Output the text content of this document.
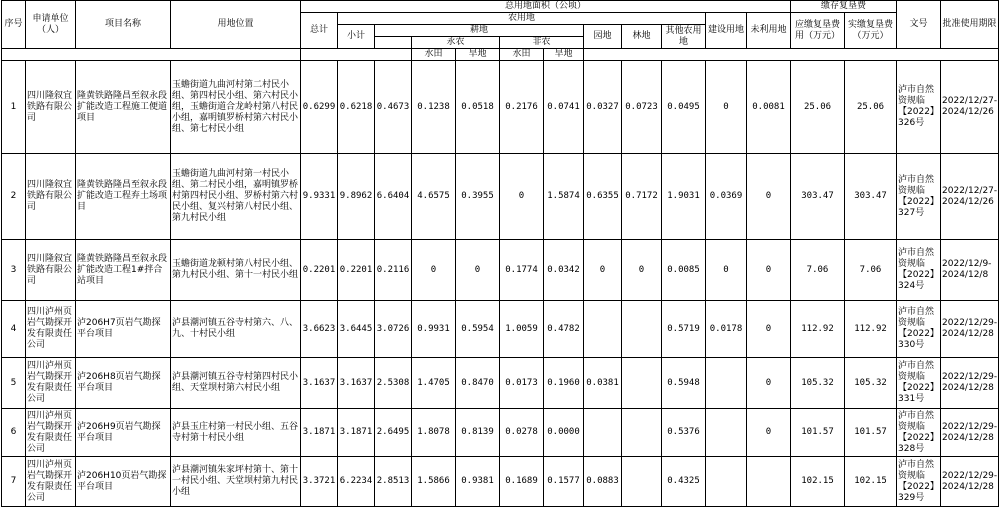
序号	申请单位（人）	项目名称	用地位置	总用地面积（公顷）												缴存复垦费		文号	批准使用期限
				总计	农用地									建设用地	未利用地	应缴复垦费用（万元）	实缴复垦费（万元）		
					小计	耕地					园地	林地	其他农用地						
							永农		非农										
							水田	旱地	水田	旱地									
1	四川隆叙宜铁路有限公司	隆黄铁路隆昌至叙永段扩能改造工程施工便道项目	玉蟾街道九曲河村第二村民小组、第四村民小组、第六村民小组，玉蟾街道合龙岭村第八村民小组，嘉明镇罗桥村第六村民小组、第七村民小组	0.6299	0.6218	0.4673	0.1238	0.0518	0.2176	0.0741	0.0327	0.0723	0.0495	0	0.0081	25.06	25.06	泸市自然资规临【2022】326号	2022/12/27-2024/12/26
2	四川隆叙宜铁路有限公司	隆黄铁路隆昌至叙永段扩能改造工程弃土场项目	玉蟾街道九曲河村第一村民小组、第二村民小组，嘉明镇罗桥村第四村民小组、罗桥村第六村民小组、复兴村第八村民小组、第九村民小组	9.9331	9.8962	6.6404	4.6575	0.3955	0	1.5874	0.6355	0.7172	1.9031	0.0369	0	303.47	303.47	泸市自然资规临【2022】327号	2022/12/27-2024/12/26
3	四川隆叙宜铁路有限公司	隆黄铁路隆昌至叙永段扩能改造工程1#拌合站项目	玉蟾街道龙顿村第八村民小组、第九村民小组、第十一村民小组	0.2201	0.2201	0.2116	0	0	0.1774	0.0342	0	0	0.0085	0	0	7.06	7.06	泸市自然资规临【2022】324号	2022/12/9-2024/12/8
4	四川泸州页岩气勘探开发有限责任公司	泸206H7页岩气勘探平台项目	泸县潮河镇五谷寺村第六、八、九、十村民小组	3.6623	3.6445	3.0726	0.9931	0.5954	1.0059	0.4782			0.5719	0.0178	0	112.92	112.92	泸市自然资规临【2022】330号	2022/12/29-2024/12/28
5	四川泸州页岩气勘探开发有限责任公司	泸206H8页岩气勘探平台项目	泸县潮河镇五谷寺村第四村民小组、天堂坝村第六村民小组	3.1637	3.1637	2.5308	1.4705	0.8470	0.0173	0.1960	0.0381		0.5948		0	105.32	105.32	泸市自然资规临【2022】331号	2022/12/29-2024/12/28
6	四川泸州页岩气勘探开发有限责任公司	泸206H9页岩气勘探平台项目	泸县玉庄村第一村民小组、五谷寺村第十村民小组	3.1871	3.1871	2.6495	1.8078	0.8139	0.0278	0.0000			0.5376		0	101.57	101.57	泸市自然资规临【2022】328号	2022/12/29-2024/12/28
7	四川泸州页岩气勘探开发有限责任公司	泸206H10页岩气勘探平台项目	泸县潮河镇朱家坪村第十、第十一村民小组、天堂坝村第九村民小组	3.3721	6.2234	2.8513	1.5866	0.9381	0.1689	0.1577	0.0883		0.4325			102.15	102.15	泸市自然资规临【2022】329号	2022/12/29-2024/12/28
